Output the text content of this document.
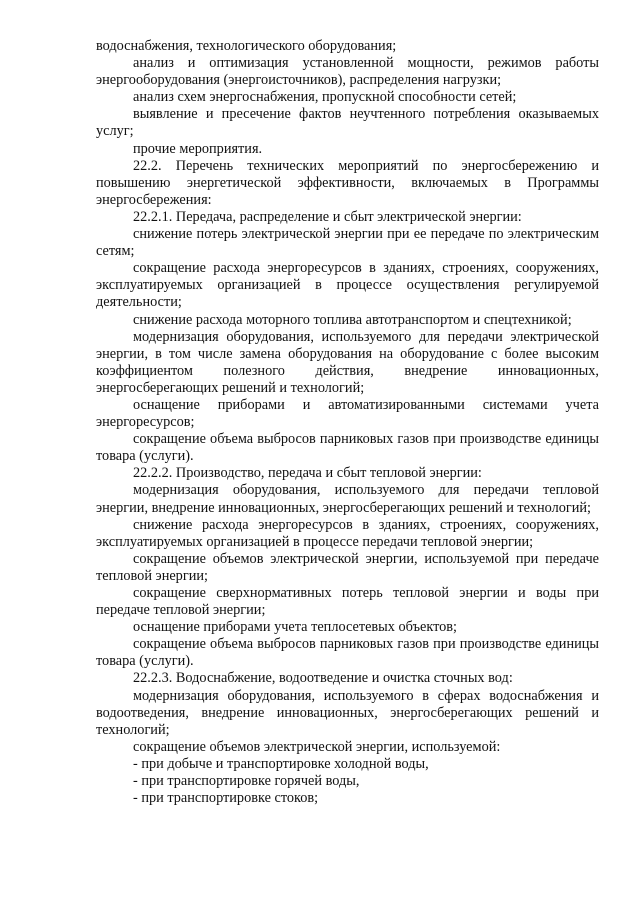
водоснабжения, технологического оборудования;

анализ и оптимизация установленной мощности, режимов работы энергооборудования (энергоисточников), распределения нагрузки;

анализ схем энергоснабжения, пропускной способности сетей;

выявление и пресечение фактов неучтенного потребления оказываемых услуг;

прочие мероприятия.

22.2. Перечень технических мероприятий по энергосбережению и повышению энергетической эффективности, включаемых в Программы энергосбережения:

22.2.1. Передача, распределение и сбыт электрической энергии:

снижение потерь электрической энергии при ее передаче по электрическим сетям;

сокращение расхода энергоресурсов в зданиях, строениях, сооружениях, эксплуатируемых организацией в процессе осуществления регулируемой деятельности;

снижение расхода моторного топлива автотранспортом и спецтехникой;

модернизация оборудования, используемого для передачи электрической энергии, в том числе замена оборудования на оборудование с более высоким коэффициентом полезного действия, внедрение инновационных, энергосберегающих решений и технологий;

оснащение приборами и автоматизированными системами учета энергоресурсов;

сокращение объема выбросов парниковых газов при производстве единицы товара (услуги).

22.2.2. Производство, передача и сбыт тепловой энергии:

модернизация оборудования, используемого для передачи тепловой энергии, внедрение инновационных, энергосберегающих решений и технологий;

снижение расхода энергоресурсов в зданиях, строениях, сооружениях, эксплуатируемых организацией в процессе передачи тепловой энергии;

сокращение объемов электрической энергии, используемой при передаче тепловой энергии;

сокращение сверхнормативных потерь тепловой энергии и воды при передаче тепловой энергии;

оснащение приборами учета теплосетевых объектов;

сокращение объема выбросов парниковых газов при производстве единицы товара (услуги).

22.2.3. Водоснабжение, водоотведение и очистка сточных вод:

модернизация оборудования, используемого в сферах водоснабжения и водоотведения, внедрение инновационных, энергосберегающих решений и технологий;

сокращение объемов электрической энергии, используемой:

- при добыче и транспортировке холодной воды,

- при транспортировке горячей воды,

- при транспортировке стоков;
